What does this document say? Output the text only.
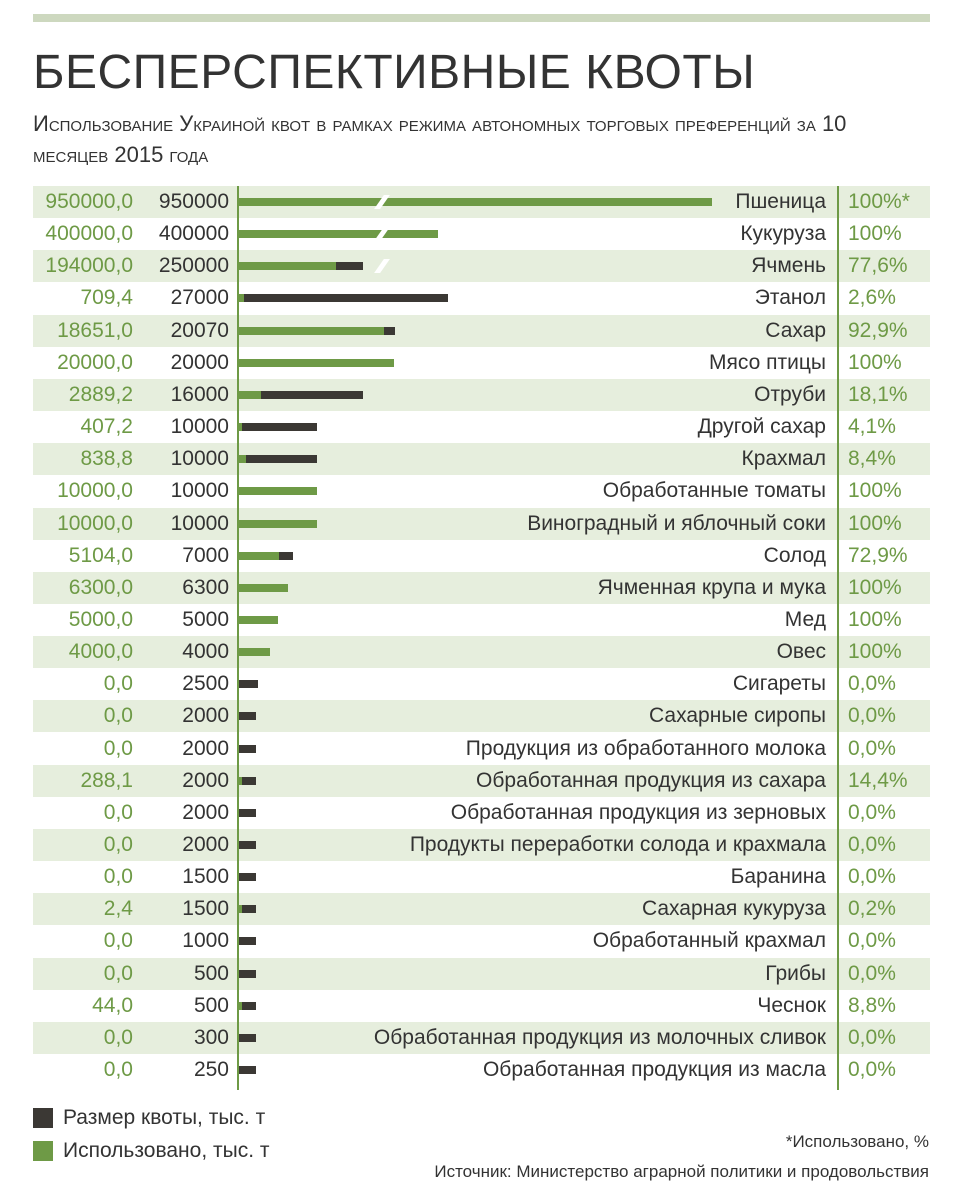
БЕСПЕРСПЕКТИВНЫЕ КВОТЫ
Использование Украиной квот в рамках режима автономных торговых преференций за 10 месяцев 2015 года
950000,0	950000	Пшеница 100%*
400000,0	400000	Кукуруза 100%
194000,0	250000	Ячмень 77,6%
709,4	27000	Этанол 2,6%
18651,0	20070	Сахар 92,9%
20000,0	20000	Мясо птицы 100%
2889,2	16000	Отруби 18,1%
407,2	10000	Другой сахар 4,1%
838,8	10000	Крахмал 8,4%
10000,0	10000	Обработанные томаты 100%
10000,0	10000	Виноградный и яблочный соки 100%
5104,0	7000	Солод 72,9%
6300,0	6300	Ячменная крупа и мука 100%
5000,0	5000	Мед 100%
4000,0	4000	Овес 100%
0,0	2500	Сигареты 0,0%
0,0	2000	Сахарные сиропы 0,0%
0,0	2000	Продукция из обработанного молока 0,0%
288,1	2000	Обработанная продукция из сахара 14,4%
0,0	2000	Обработанная продукция из зерновых 0,0%
0,0	2000	Продукты переработки солода и крахмала 0,0%
0,0	1500	Баранина 0,0%
2,4	1500	Сахарная кукуруза 0,2%
0,0	1000	Обработанный крахмал 0,0%
0,0	500	Грибы 0,0%
44,0	500	Чеснок 8,8%
0,0	300	Обработанная продукция из молочных сливок 0,0%
0,0	250	Обработанная продукция из масла 0,0%
Размер квоты, тыс. т
Использовано, тыс. т	*Использовано, %
Источник: Министерство аграрной политики и продовольствия
